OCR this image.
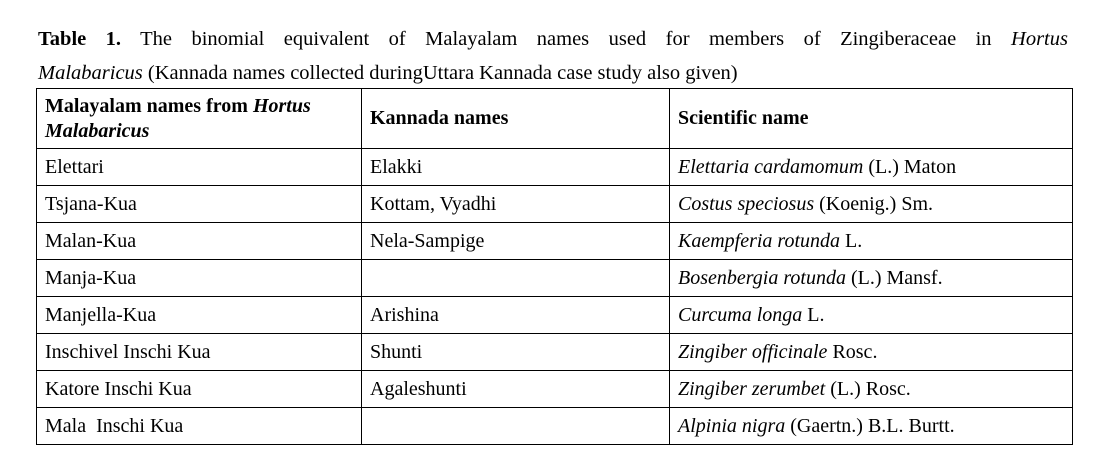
Table 1. The binomial equivalent of Malayalam names used for members of Zingiberaceae in Hortus
Malabaricus (Kannada names collected duringUttara Kannada case study also given)
Malayalam names from Hortus
Malabaricus	Kannada names	Scientific name
Elettari	Elakki	Elettaria cardamomum (L.) Maton
Tsjana-Kua	Kottam, Vyadhi	Costus speciosus (Koenig.) Sm.
Malan-Kua	Nela-Sampige	Kaempferia rotunda L.
Manja-Kua		Bosenbergia rotunda (L.) Mansf.
Manjella-Kua	Arishina	Curcuma longa L.
Inschivel Inschi Kua	Shunti	Zingiber officinale Rosc.
Katore Inschi Kua	Agaleshunti	Zingiber zerumbet (L.) Rosc.
Mala  Inschi Kua		Alpinia nigra (Gaertn.) B.L. Burtt.
